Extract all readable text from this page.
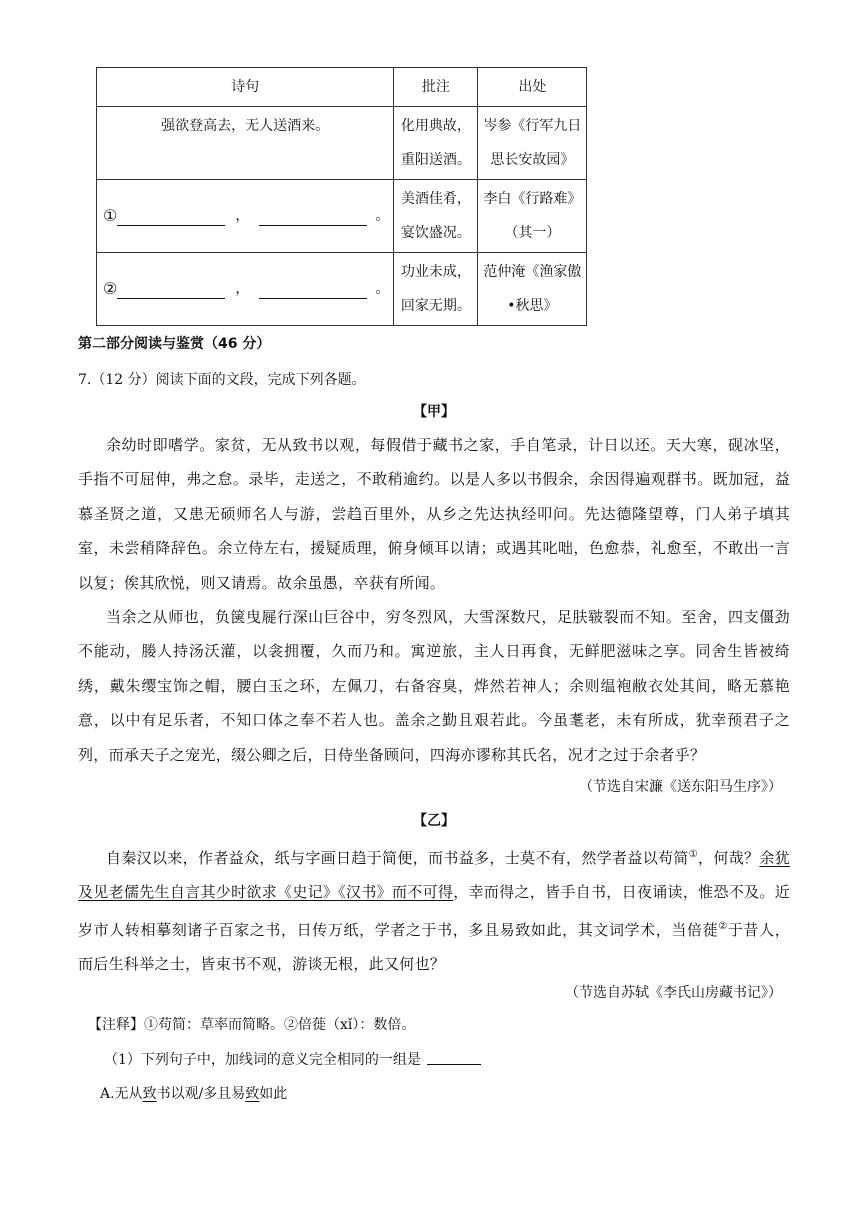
诗句	批注	出处
强欲登高去，无人送酒来。	化用典故，重阳送酒。	岑参《行军九日思长安故园》

① ， 。	美酒佳肴，宴饮盛况。	李白《行路难》（其一）

② ， 。	功业未成，回家无期。	范仲淹《渔家傲•秋思》
第二部分阅读与鉴赏（46 分）
7.（12 分）阅读下面的文段，完成下列各题。
【甲】
余幼时即嗜学。家贫，无从致书以观，每假借于藏书之家，手自笔录，计日以还。天大寒，砚冰坚，手指不可屈伸，弗之怠。录毕，走送之，不敢稍逾约。以是人多以书假余，余因得遍观群书。既加冠，益慕圣贤之道，又患无硕师名人与游，尝趋百里外，从乡之先达执经叩问。先达德隆望尊，门人弟子填其室，未尝稍降辞色。余立侍左右，援疑质理，俯身倾耳以请；或遇其叱咄，色愈恭，礼愈至，不敢出一言以复；俟其欣悦，则又请焉。故余虽愚，卒获有所闻。
当余之从师也，负箧曳屣行深山巨谷中，穷冬烈风，大雪深数尺，足肤皲裂而不知。至舍，四支僵劲不能动，媵人持汤沃灌，以衾拥覆，久而乃和。寓逆旅，主人日再食，无鲜肥滋味之享。同舍生皆被绮绣，戴朱缨宝饰之帽，腰白玉之环，左佩刀，右备容臭，烨然若神人；余则缊袍敝衣处其间，略无慕艳意，以中有足乐者，不知口体之奉不若人也。盖余之勤且艰若此。今虽耄老，未有所成，犹幸预君子之列，而承天子之宠光，缀公卿之后，日侍坐备顾问，四海亦谬称其氏名，况才之过于余者乎？
（节选自宋濂《送东阳马生序》）
【乙】
自秦汉以来，作者益众，纸与字画日趋于简便，而书益多，士莫不有，然学者益以苟简①，何哉？余犹及见老儒先生自言其少时欲求《史记》《汉书》而不可得，幸而得之，皆手自书，日夜诵读，惟恐不及。近岁市人转相摹刻诸子百家之书，日传万纸，学者之于书，多且易致如此，其文词学术，当倍蓰②于昔人，而后生科举之士，皆束书不观，游谈无根，此又何也？
（节选自苏轼《李氏山房藏书记》）
【注释】①苟简：草率而简略。②倍蓰（xǐ）：数倍。
（1）下列句子中，加线词的意义完全相同的一组是
A.无从致书以观/多且易致如此
